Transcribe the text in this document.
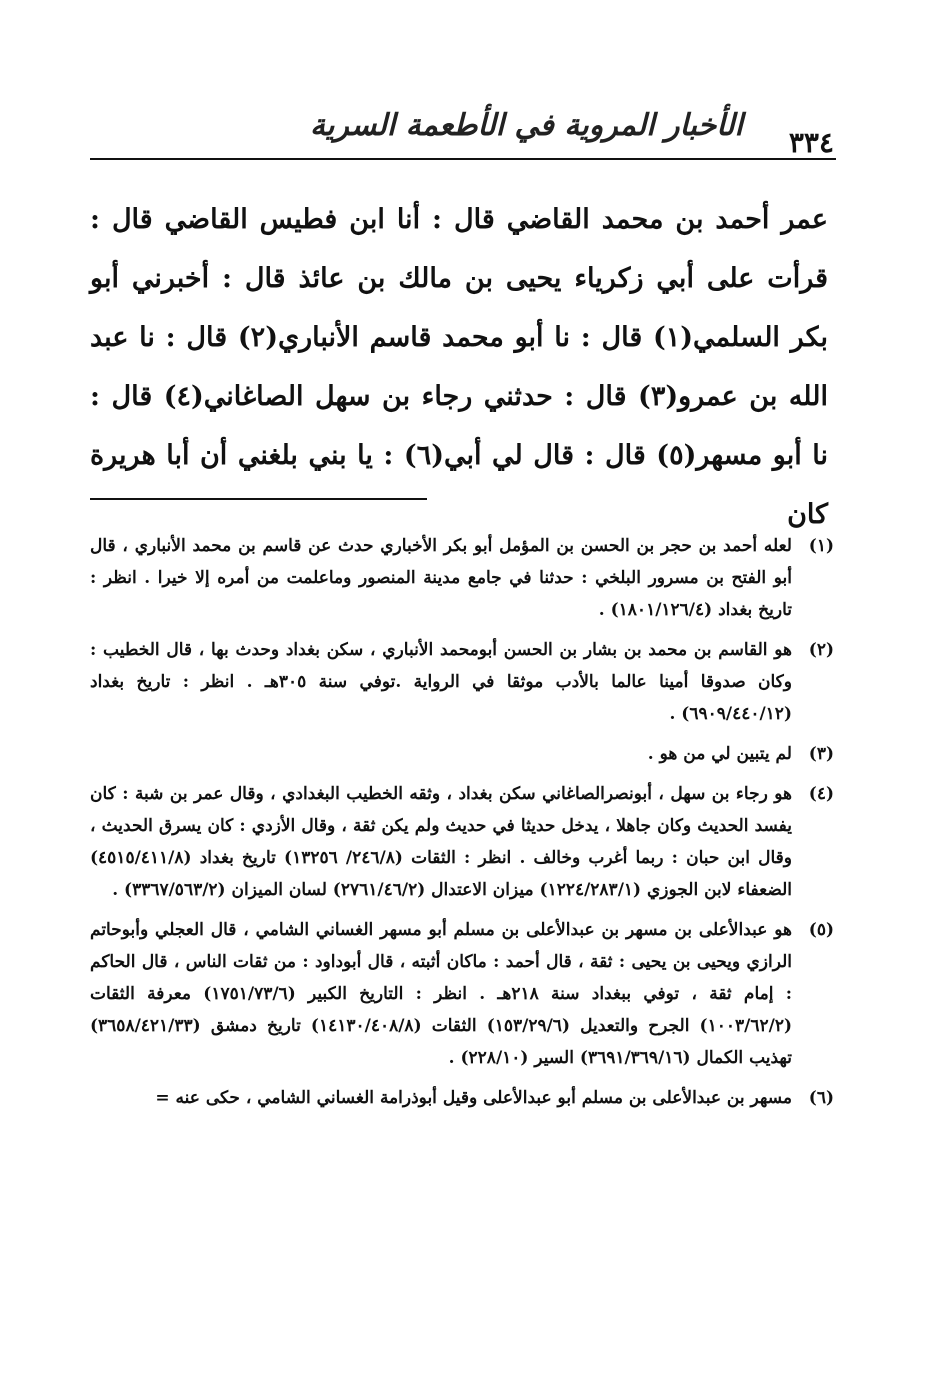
٣٣٤
الأخبار المروية في الأطعمة السرية

عمر أحمد بن محمد القاضي قال : أنا ابن فطيس القاضي قال : قرأت على أبي زكرياء يحيى بن مالك بن عائذ قال : أخبرني أبو بكر السلمي(١) قال : نا أبو محمد قاسم الأنباري(٢) قال : نا عبد الله بن عمرو(٣) قال : حدثني رجاء بن سهل الصاغاني(٤) قال : نا أبو مسهر(٥) قال : قال لي أبي(٦) : يا بني بلغني أن أبا هريرة كان

(١)

لعله أحمد بن حجر بن الحسن بن المؤمل أبو بكر الأخباري حدث عن قاسم بن محمد الأنباري ، قال أبو الفتح بن مسرور البلخي : حدثنا في جامع مدينة المنصور وماعلمت من أمره إلا خيرا . انظر : تاريخ بغداد (١٨٠١/١٢٦/٤) .

(٢)

هو القاسم بن محمد بن بشار بن الحسن أبومحمد الأنباري ، سكن بغداد وحدث بها ، قال الخطيب : وكان صدوقا أمينا عالما بالأدب موثقا في الرواية .توفي سنة ٣٠٥هـ . انظر : تاريخ بغداد (٦٩٠٩/٤٤٠/١٢) .

(٣)

لم يتبين لي من هو .

(٤)

هو رجاء بن سهل ، أبونصرالصاغاني سكن بغداد ، وثقه الخطيب البغدادي ، وقال عمر بن شبة : كان يفسد الحديث وكان جاهلا ، يدخل حديثا في حديث ولم يكن ثقة ، وقال الأزدي : كان يسرق الحديث ، وقال ابن حبان : ربما أغرب وخالف . انظر : الثقات (٢٤٦/٨/ ١٣٢٥٦) تاريخ بغداد (٤٥١٥/٤١١/٨) الضعفاء لابن الجوزي (١٢٢٤/٢٨٣/١) ميزان الاعتدال (٢٧٦١/٤٦/٢) لسان الميزان (٣٣٦٧/٥٦٣/٢) .

(٥)

هو عبدالأعلى بن مسهر بن عبدالأعلى بن مسلم أبو مسهر الغساني الشامي ، قال العجلي وأبوحاتم الرازي ويحيى بن يحيى : ثقة ، قال أحمد : ماكان أثبته ، قال أبوداود : من ثقات الناس ، قال الحاكم : إمام ثقة ، توفي ببغداد سنة ٢١٨هـ . انظر : التاريخ الكبير (١٧٥١/٧٣/٦) معرفة الثقات (١٠٠٣/٦٢/٢) الجرح والتعديل (١٥٣/٢٩/٦) الثقات (١٤١٣٠/٤٠٨/٨) تاريخ دمشق (٣٦٥٨/٤٢١/٣٣) تهذيب الكمال (٣٦٩١/٣٦٩/١٦) السير (٢٢٨/١٠) .

(٦)

مسهر بن عبدالأعلى بن مسلم أبو عبدالأعلى وقيل أبوذرامة الغساني الشامي ، حكى عنه =
